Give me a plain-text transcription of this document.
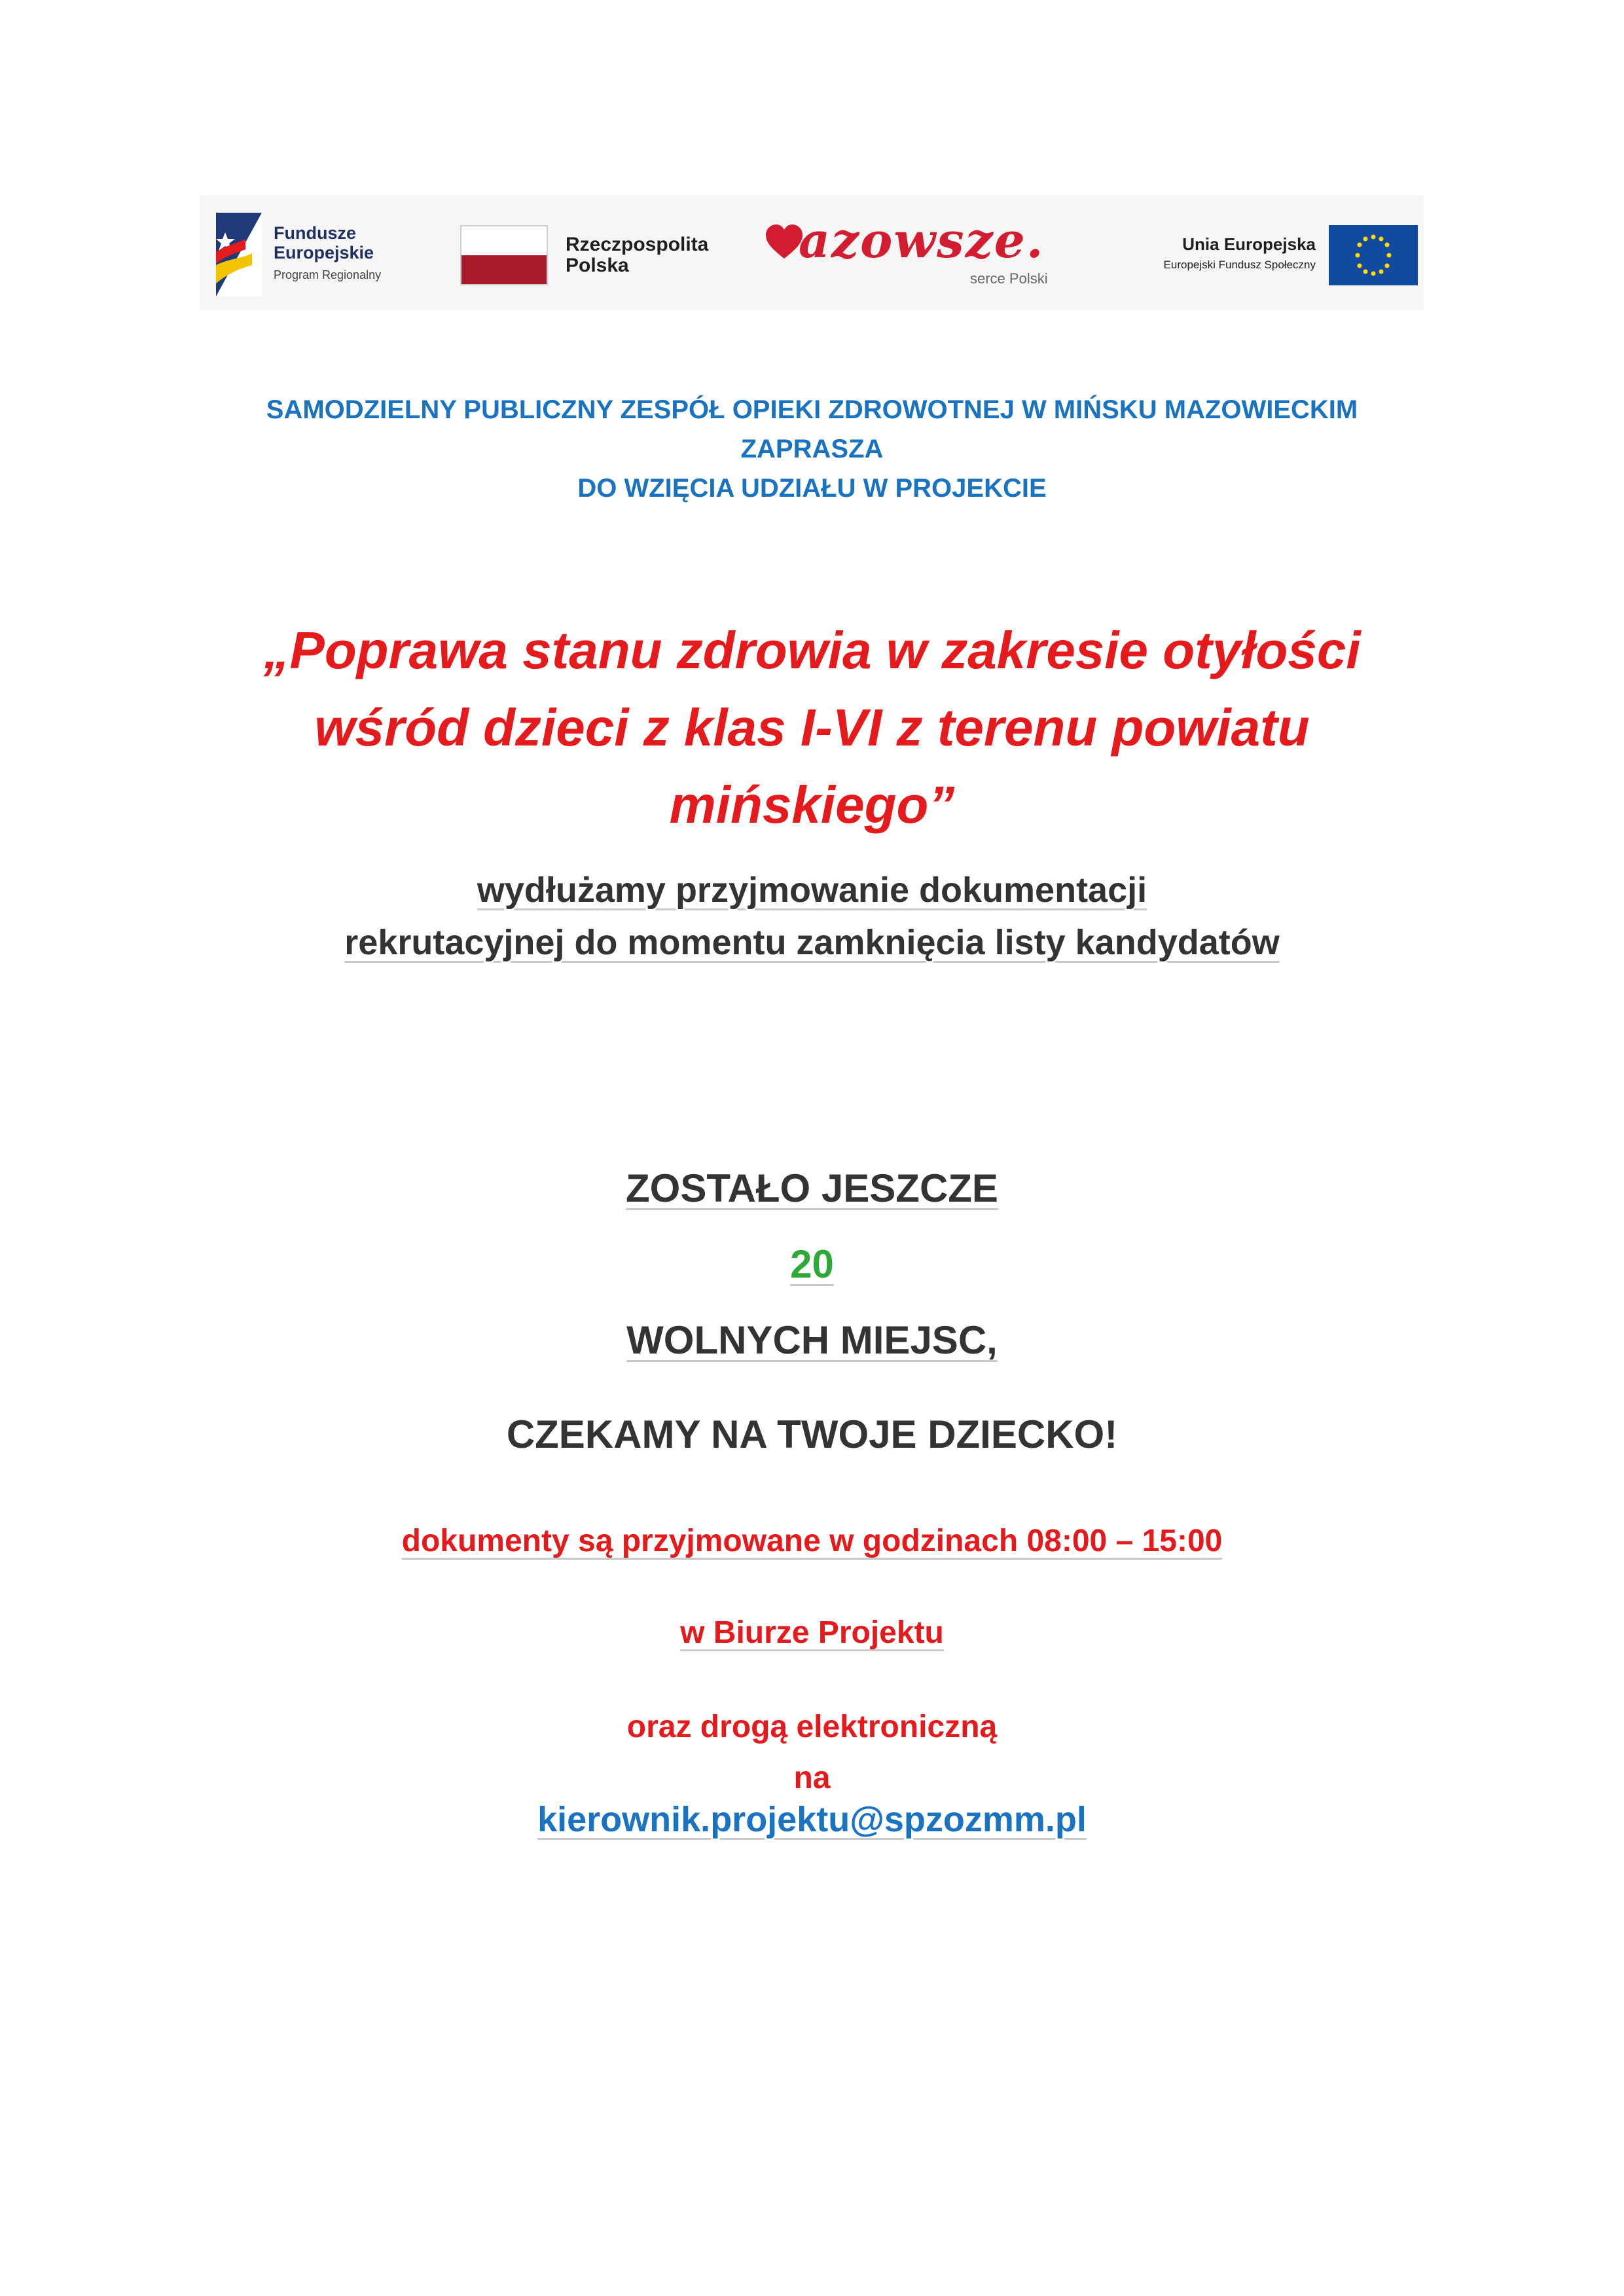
Fundusze
Europejskie
Program Regionalny
Rzeczpospolita
Polska	azowsze.
serce Polski
Unia Europejska
Europejski Fundusz Społeczny
SAMODZIELNY PUBLICZNY ZESPÓŁ OPIEKI ZDROWOTNEJ W MIŃSKU MAZOWIECKIM
ZAPRASZA
DO WZIĘCIA UDZIAŁU W PROJEKCIE
„Poprawa stanu zdrowia w zakresie otyłości
wśród dzieci z klas I-VI z terenu powiatu
mińskiego”
wydłużamy przyjmowanie dokumentacji
rekrutacyjnej do momentu zamknięcia listy kandydatów
ZOSTAŁO JESZCZE
20
WOLNYCH MIEJSC,
CZEKAMY NA TWOJE DZIECKO!
dokumenty są przyjmowane w godzinach 08:00 – 15:00
w Biurze Projektu
oraz drogą elektroniczną
na
kierownik.projektu@spzozmm.pl
